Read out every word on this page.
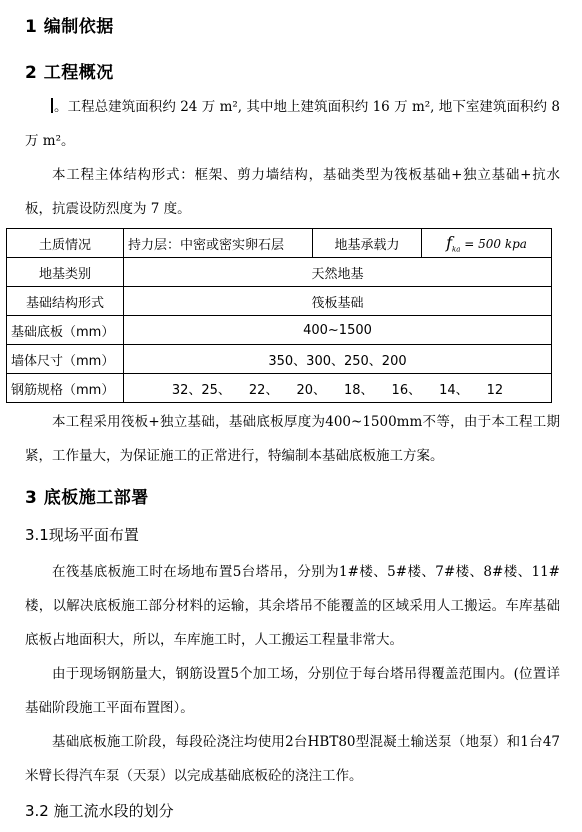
1 编制依据
2 工程概况

。工程总建筑面积约 24 万 m², 其中地上建筑面积约 16 万 m², 地下室建筑面积约 8 万 m²。

本工程主体结构形式：框架、剪力墙结构，基础类型为筏板基础+独立基础+抗水板，抗震设防烈度为 7 度。

土质情况	持力层：中密或密实卵石层	地基承载力	$f_{ka} = 500$ kpa
地基类别	天然地基		
基础结构形式	筏板基础		
基础底板（mm）	400~1500		
墙体尺寸（mm）	350、300、250、200		
钢筋规格（mm）	32、25、 22、 20、 18、 16、 14、 12		

本工程采用筏板+独立基础，基础底板厚度为400~1500mm不等，由于本工程工期紧，工作量大，为保证施工的正常进行，特编制本基础底板施工方案。

3 底板施工部署
3.1现场平面布置

在筏基底板施工时在场地布置5台塔吊，分别为1#楼、5#楼、7#楼、8#楼、11#楼，以解决底板施工部分材料的运输，其余塔吊不能覆盖的区域采用人工搬运。车库基础底板占地面积大，所以，车库施工时，人工搬运工程量非常大。

由于现场钢筋量大，钢筋设置5个加工场，分别位于每台塔吊得覆盖范围内。(位置详基础阶段施工平面布置图）。

基础底板施工阶段，每段砼浇注均使用2台HBT80型混凝土输送泵（地泵）和1台47米臂长得汽车泵（天泵）以完成基础底板砼的浇注工作。

3.2 施工流水段的划分
